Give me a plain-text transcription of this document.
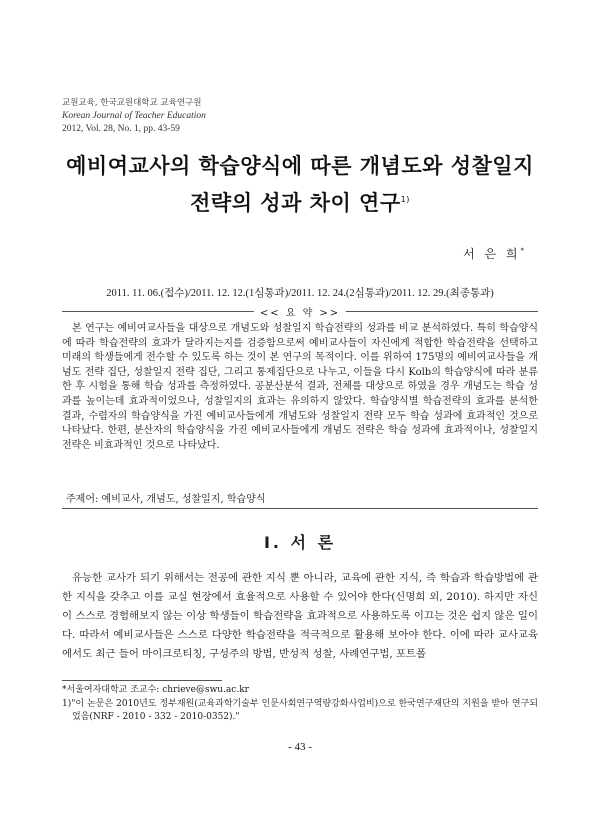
교원교육, 한국교원대학교 교육연구원
Korean Journal of Teacher Education
2012, Vol. 28, No. 1, pp. 43-59
예비여교사의 학습양식에 따른 개념도와 성찰일지
전략의 성과 차이 연구$^{1)}$
서 은 희*
2011. 11. 06.(접수)/2011. 12. 12.(1심통과)/2011. 12. 24.(2심통과)/2011. 12. 29.(최종통과)
<< 요 약 >>
본 연구는 예비여교사들을 대상으로 개념도와 성찰일지 학습전략의 성과를 비교 분석하였다. 특히 학습양식에 따라 학습전략의 효과가 달라지는지를 검증함으로써 예비교사들이 자신에게 적합한 학습전략을 선택하고 미래의 학생들에게 전수할 수 있도록 하는 것이 본 연구의 목적이다. 이를 위하여 175명의 예비여교사들을 개념도 전략 집단, 성찰일지 전략 집단, 그리고 통제집단으로 나누고, 이들을 다시 Kolb의 학습양식에 따라 분류한 후 시험을 통해 학습 성과를 측정하였다. 공분산분석 결과, 전체를 대상으로 하였을 경우 개념도는 학습 성과를 높이는데 효과적이었으나, 성찰일지의 효과는 유의하지 않았다. 학습양식별 학습전략의 효과를 분석한 결과, 수렴자의 학습양식을 가진 예비교사들에게 개념도와 성찰일지 전략 모두 학습 성과에 효과적인 것으로 나타났다. 한편, 분산자의 학습양식을 가진 예비교사들에게 개념도 전략은 학습 성과에 효과적이나, 성찰일지 전략은 비효과적인 것으로 나타났다.
주제어: 예비교사, 개념도, 성찰일지, 학습양식
Ⅰ. 서 론
유능한 교사가 되기 위해서는 전공에 관한 지식 뿐 아니라, 교육에 관한 지식, 즉 학습과 학습방법에 관한 지식을 갖추고 이를 교실 현장에서 효율적으로 사용할 수 있어야 한다(신명희 외, 2010). 하지만 자신이 스스로 경험해보지 않는 이상 학생들이 학습전략을 효과적으로 사용하도록 이끄는 것은 쉽지 않은 일이다. 따라서 예비교사들은 스스로 다양한 학습전략을 적극적으로 활용해 보아야 한다. 이에 따라 교사교육에서도 최근 들어 마이크로티칭, 구성주의 방법, 반성적 성찰, 사례연구법, 포트폴

*서울여자대학교 조교수: chrieve@swu.ac.kr

1)"이 논문은 2010년도 정부재원(교육과학기술부 인문사회연구역량강화사업비)으로 한국연구재단의 지원을 받아 연구되었음(NRF - 2010 - 332 - 2010-0352)."

- 43 -
